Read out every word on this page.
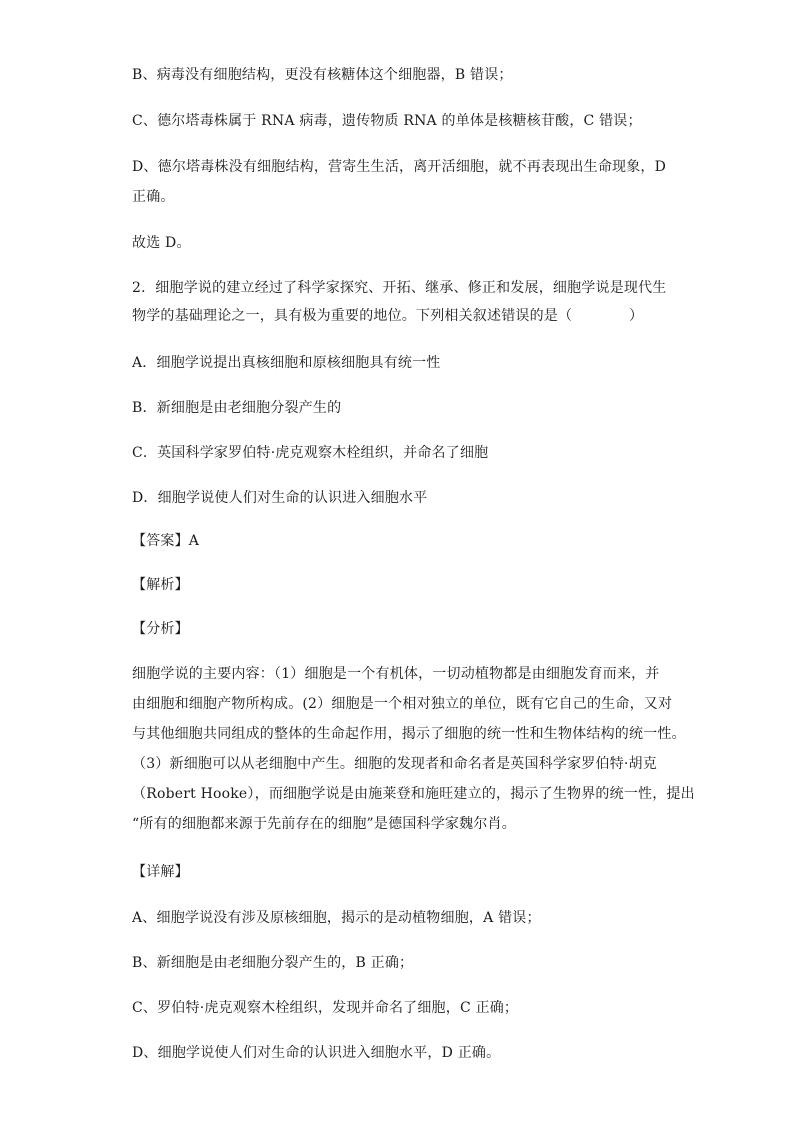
B、病毒没有细胞结构，更没有核糖体这个细胞器，B 错误；
C、德尔塔毒株属于 RNA 病毒，遗传物质 RNA 的单体是核糖核苷酸，C 错误；
D、德尔塔毒株没有细胞结构，营寄生生活，离开活细胞，就不再表现出生命现象，D
正确。
故选 D。
2．细胞学说的建立经过了科学家探究、开拓、继承、修正和发展，细胞学说是现代生
物学的基础理论之一，具有极为重要的地位。下列相关叙述错误的是（　　　　）
A．细胞学说提出真核细胞和原核细胞具有统一性
B．新细胞是由老细胞分裂产生的
C．英国科学家罗伯特·虎克观察木栓组织，并命名了细胞
D．细胞学说使人们对生命的认识进入细胞水平
【答案】A
【解析】
【分析】
细胞学说的主要内容：（1）细胞是一个有机体，一切动植物都是由细胞发育而来，并
由细胞和细胞产物所构成。(2）细胞是一个相对独立的单位，既有它自己的生命，又对
与其他细胞共同组成的整体的生命起作用，揭示了细胞的统一性和生物体结构的统一性。
（3）新细胞可以从老细胞中产生。细胞的发现者和命名者是英国科学家罗伯特·胡克
（Robert Hooke），而细胞学说是由施莱登和施旺建立的，揭示了生物界的统一性，提出
“所有的细胞都来源于先前存在的细胞”是德国科学家魏尔肖。
【详解】
A、细胞学说没有涉及原核细胞，揭示的是动植物细胞，A 错误；
B、新细胞是由老细胞分裂产生的，B 正确；
C、罗伯特·虎克观察木栓组织，发现并命名了细胞，C 正确；
D、细胞学说使人们对生命的认识进入细胞水平，D 正确。
